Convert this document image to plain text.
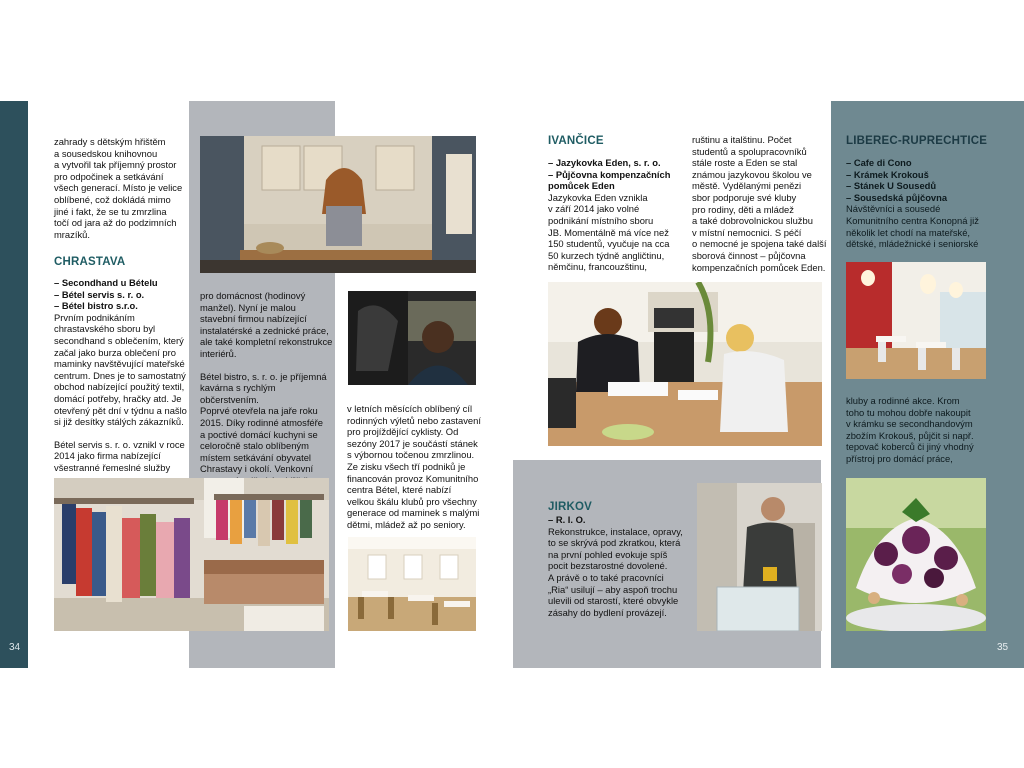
34

zahrady s dětským hřištěm

a sousedskou knihovnou

a vytvořil tak příjemný prostor

pro odpočinek a setkávání

všech generací. Místo je velice

oblíbené, což dokládá mimo

jiné i fakt, že se tu zmrzlina

točí od jara až do podzimních

mrazíků.

CHRASTAVA

– Secondhand u Bételu

– Bétel servis s. r. o.

– Bétel bistro s.r.o.

Prvním podnikáním

chrastavského sboru byl

secondhand s oblečením, který

začal jako burza oblečení pro

maminky navštěvující mateřské

centrum. Dnes je to samostatný

obchod nabízející použitý textil,

domácí potřeby, hračky atd. Je

otevřený pět dní v týdnu a našlo

si již desítky stálých zákazníků.

Bétel servis s. r. o. vznikl v roce

2014 jako firma nabízející

všestranné řemeslné služby

pro domácnost (hodinový

manžel). Nyní je malou

stavební firmou nabízející

instalatérské a zednické práce,

ale také kompletní rekonstrukce

interiérů.

Bétel bistro, s. r. o. je příjemná

kavárna s rychlým občerstvením.

Poprvé otevřela na jaře roku

2015. Díky rodinné atmosféře

a poctivé domácí kuchyni se

celoročně stalo oblíbeným

místem setkávání obyvatel

Chrastavy i okolí. Venkovní

v letních měsících oblíbený cíl

rodinných výletů nebo zastavení

pro projíždějící cyklisty. Od

sezóny 2017 je součástí stánek

s výbornou točenou zmrzlinou.

Ze zisku všech tří podniků je

financován provoz Komunitního

centra Bétel, které nabízí

velkou škálu klubů pro všechny

generace od maminek s malými

dětmi, mládež až po seniory.

35
IVANČICE

– Jazykovka Eden, s. r. o.

– Půjčovna kompenzačních

pomůcek Eden

Jazykovka Eden vznikla

v září 2014 jako volné

podnikání místního sboru

JB. Momentálně má více než

150 studentů, vyučuje na cca

50 kurzech týdně angličtinu,

němčinu, francouzštinu,

ruštinu a italštinu. Počet

studentů a spolupracovníků

stále roste a Eden se stal

známou jazykovou školou ve

městě. Vydělanými penězi

sbor podporuje své kluby

pro rodiny, děti a mládež

a také dobrovolnickou službu

v místní nemocnici. S péčí

o nemocné je spojena také další

sborová činnost – půjčovna

kompenzačních pomůcek Eden.

JIRKOV

– R. I. O.

Rekonstrukce, instalace, opravy,

to se skrývá pod zkratkou, která

na první pohled evokuje spíš

pocit bezstarostné dovolené.

A právě o to také pracovníci

„Ria“ usilují – aby aspoň trochu

ulevili od starostí, které obvykle

zásahy do bydlení provázejí.

LIBEREC-RUPRECHTICE

– Cafe di Cono

– Krámek Krokouš

– Stánek U Sousedů

– Sousedská půjčovna

Návštěvníci a sousedé

Komunitního centra Konopná již

několik let chodí na mateřské,

dětské, mládežnické i seniorské

kluby a rodinné akce. Krom

toho tu mohou dobře nakoupit

v krámku se secondhandovým

zbožím Krokouš, půjčit si např.

tepovač koberců či jiný vhodný

přístroj pro domácí práce,
